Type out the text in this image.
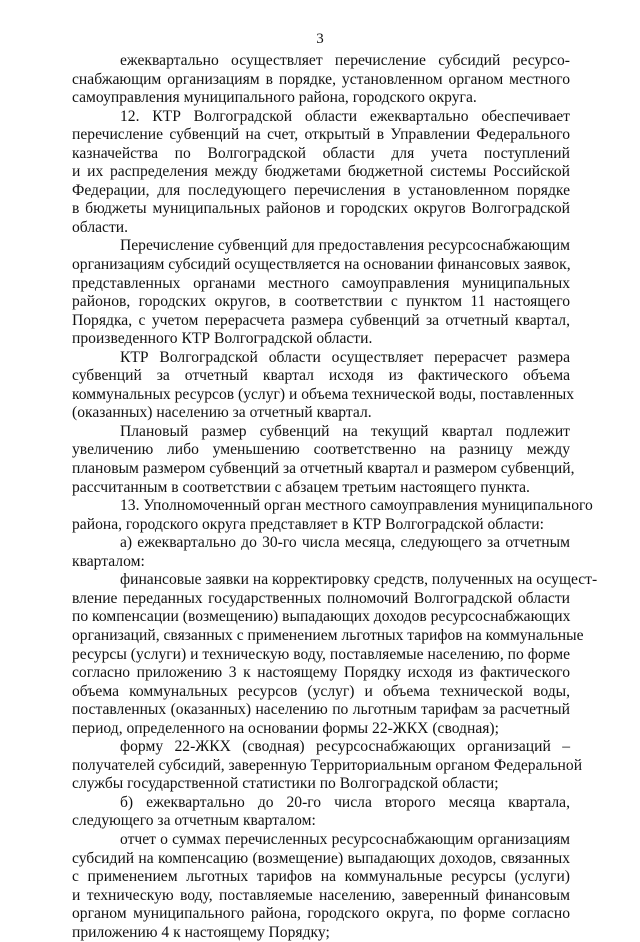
3
ежеквартально осуществляет перечисление субсидий ресурсо-
снабжающим организациям в порядке, установленном органом местного
самоуправления муниципального района, городского округа.
12. КТР Волгоградской области ежеквартально обеспечивает
перечисление субвенций на счет, открытый в Управлении Федерального
казначейства по Волгоградской области для учета поступлений
и их распределения между бюджетами бюджетной системы Российской
Федерации, для последующего перечисления в установленном порядке
в бюджеты муниципальных районов и городских округов Волгоградской
области.
Перечисление субвенций для предоставления ресурсоснабжающим
организациям субсидий осуществляется на основании финансовых заявок,
представленных органами местного самоуправления муниципальных
районов, городских округов, в соответствии с пунктом 11 настоящего
Порядка, с учетом перерасчета размера субвенций за отчетный квартал,
произведенного КТР Волгоградской области.
КТР Волгоградской области осуществляет перерасчет размера
субвенций за отчетный квартал исходя из фактического объема
коммунальных ресурсов (услуг) и объема технической воды, поставленных
(оказанных) населению за отчетный квартал.
Плановый размер субвенций на текущий квартал подлежит
увеличению либо уменьшению соответственно на разницу между
плановым размером субвенций за отчетный квартал и размером субвенций,
рассчитанным в соответствии с абзацем третьим настоящего пункта.
13. Уполномоченный орган местного самоуправления муниципального
района, городского округа представляет в КТР Волгоградской области:
а) ежеквартально до 30-го числа месяца, следующего за отчетным
кварталом:
финансовые заявки на корректировку средств, полученных на осущест-
вление переданных государственных полномочий Волгоградской области
по компенсации (возмещению) выпадающих доходов ресурсоснабжающих
организаций, связанных с применением льготных тарифов на коммунальные
ресурсы (услуги) и техническую воду, поставляемые населению, по форме
согласно приложению 3 к настоящему Порядку исходя из фактического
объема коммунальных ресурсов (услуг) и объема технической воды,
поставленных (оказанных) населению по льготным тарифам за расчетный
период, определенного на основании формы 22-ЖКХ (сводная);
форму 22-ЖКХ (сводная) ресурсоснабжающих организаций –
получателей субсидий, заверенную Территориальным органом Федеральной
службы государственной статистики по Волгоградской области;
б) ежеквартально до 20-го числа второго месяца квартала,
следующего за отчетным кварталом:
отчет о суммах перечисленных ресурсоснабжающим организациям
субсидий на компенсацию (возмещение) выпадающих доходов, связанных
с применением льготных тарифов на коммунальные ресурсы (услуги)
и техническую воду, поставляемые населению, заверенный финансовым
органом муниципального района, городского округа, по форме согласно
приложению 4 к настоящему Порядку;
